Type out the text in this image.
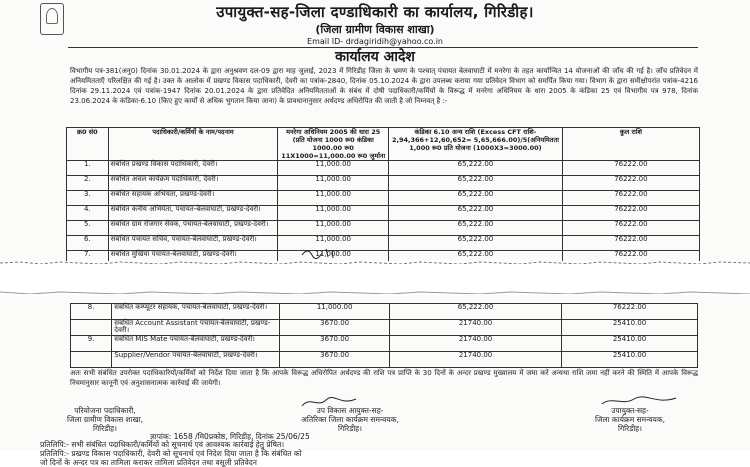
उपायुक्त-सह-जिला दण्डाधिकारी का कार्यालय, गिरिडीह।
(जिला ग्रामीण विकास शाखा)
Email ID- drdagiridih@yahoo.co.in
कार्यालय आदेश
विभागीय पत्र-381(अनु0) दिनांक 30.01.2024 के द्वारा अनुश्रवण दल-09 द्वारा माह जुलाई, 2023 में गिरिडीह जिला के भ्रमण के पश्चात् पंचायत बेलवाघाटी में मनरेगा के तहत कार्यान्वित 14 योजनाओं की जाँच की गई है। जाँच प्रतिवेदन में अनियमितताएँ परिलक्षित की गई है। उक्त के आलोक में प्रखण्ड विकास पदाधिकारी, देवरी का पत्रांक-2840, दिनांक 05.10.2024 के द्वारा उपलब्ध कराया गया प्रतिवेदन विभाग को समर्पित किया गया। विभाग के द्वारा समीक्षोपरांत पत्रांक-4216 दिनांक 29.11.2024 एवं पत्रांक-1947 दिनांक 20.01.2024 के द्वारा प्रतिवेदित अनियमितताओं के संबंध में दोषी पदाधिकारी/कर्मियों के विरूद्ध में मनरेगा अधिनियम के धारा 2005 के कंडिका 25 एवं विभागीय पत्र 978, दिनांक 23.06.2024 के कंडिका-6.10 (किए हुए कार्यों से अधिक भुगतान किया जाना) के प्रावधानानुसार अर्थदण्ड अधिरोपित की जाती है जो निम्नवत् है :-
क्र0 सं0	पदाधिकारी/कर्मियों के नाम/पदनाम	मनरेगा अधिनियम 2005 की धारा 25 (प्रति योजना 1000 रू0 कंडिका 1000.00 रू0 11X1000=11,000.00 रू0 जुर्माना	कंडिका 6.10 अन्य राशि (Excess CFT राशि- 2,94,366+12,60,652= 5,65,666.00)/5(अनियमितता 1,000 रू0 प्रति योजना (1000X3=3000.00)	कुल राशि
1.	संबंधित प्रखण्ड विकास पदाधिकारी, देवरी।	11,000.00	65,222.00	76222.00
2.	संबंधित अंचल कार्यक्रम पदाधिकारी, देवरी।	11,000.00	65,222.00	76222.00
3.	संबंधित सहायक अभियंता, प्रखण्ड-देवरी।	11,000.00	65,222.00	76222.00
4.	संबंधित कनीय अभियंता, पंचायत-बेलवाघाटी, प्रखण्ड-देवरी।	11,000.00	65,222.00	76222.00
5.	संबंधित ग्राम रोजगार सेवक, पंचायत-बेलवाघाटी, प्रखण्ड-देवरी।	11,000.00	65,222.00	76222.00
6.	संबंधित पंचायत सचिव, पंचायत-बेलवाघाटी, प्रखण्ड-देवरी।	11,000.00	65,222.00	76222.00
7.	संबंधित मुखिया पंचायत-बेलवाघाटी, प्रखण्ड-देवरी।	11,000.00	65,222.00	76222.00
8.	संबंधित कम्प्यूटर सहायक, पंचायत-बेलवाघाटी, प्रखण्ड-देवरी।	11,000.00	65,222.00	76222.00
	संबंधित Account Assistant पंचायत-बेलवाघाटी, प्रखण्ड-देवरी।	3670.00	21740.00	25410.00
9.	संबंधित MIS Mate पंचायत-बेलवाघाटी, प्रखण्ड-देवरी।	3670.00	21740.00	25410.00
	Supplier/Vendor पंचायत-बेलवाघाटी, प्रखण्ड-देवरी।	3670.00	21740.00	25410.00
अतः सभी संबंधित उपरोक्त पदाधिकारियों/कर्मियों को निर्देश दिया जाता है कि आपके विरूद्ध अधिरोपित अर्थदण्ड की राशि पत्र प्राप्ति के 30 दिनों के अन्दर प्रखण्ड मुख्यालय में जमा करें अन्यथा राशि जमा नहीं करने की स्थिति में आपके विरूद्ध नियमानुसार कानूनी एवं अनुशासनात्मक कार्रवाई की जायेगी।
परियोजना पदाधिकारी,
जिला ग्रामीण विकास शाखा,
गिरिडीह।
उप विकास आयुक्त-सह-
अतिरिक्त जिला कार्यक्रम समन्वयक,
गिरिडीह।
उपायुक्त-सह-
जिला कार्यक्रम समन्वयक,
गिरिडीह।
ज्ञापांक: 1658 /मि0प्रकोष्ठ, गिरिडीह, दिनांक 25/06/25
प्रतिलिपि:- सभी संबंधित पदाधिकारी/कर्मियों को सूचनार्थ एवं आवश्यक कार्रवाई हेतु प्रेषित।
प्रतिलिपि:- प्रखण्ड विकास पदाधिकारी, देवरी को सूचनार्थ एवं निदेश दिया जाता है कि संबंधित को
जो दिनों के अन्दर पत्र का तामिला कराकर तामिला प्रतिवेदन तथा वसूली प्रतिवेदन
